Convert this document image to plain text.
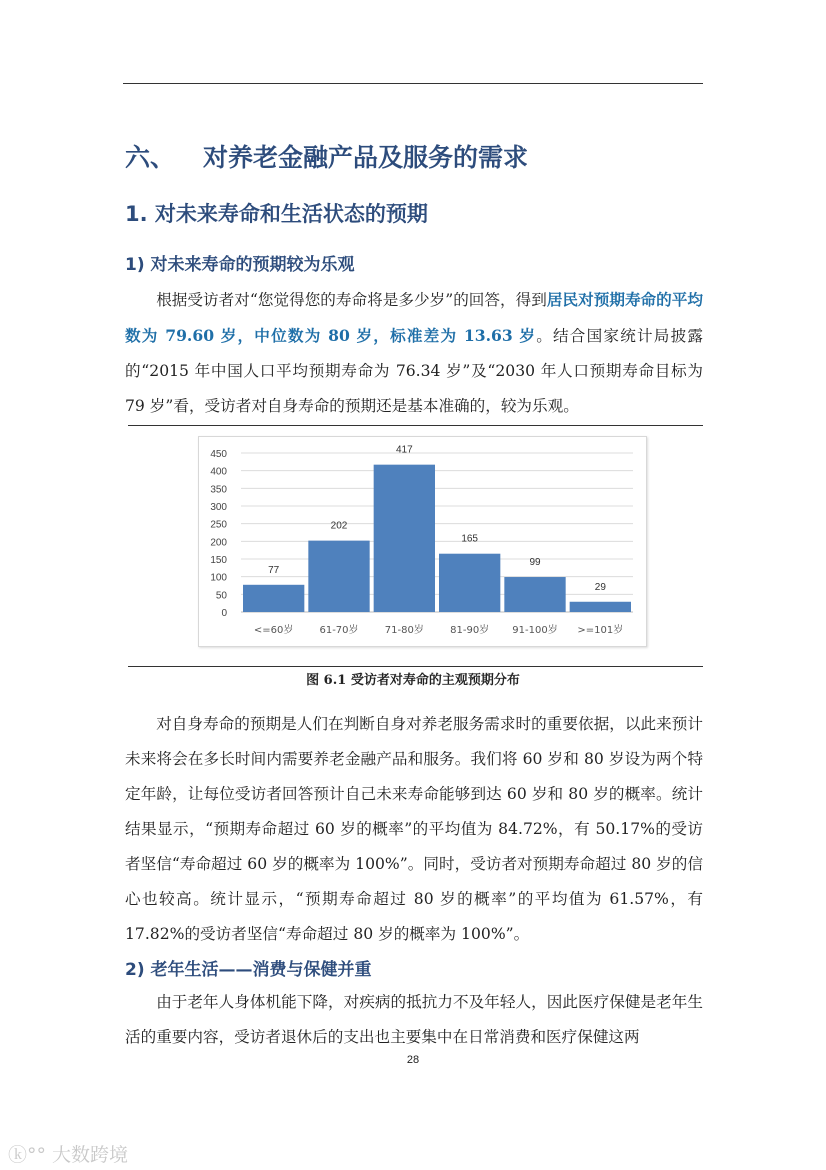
六、 对养老金融产品及服务的需求
1. 对未来寿命和生活状态的预期
1) 对未来寿命的预期较为乐观
根据受访者对“您觉得您的寿命将是多少岁”的回答，得到居民对预期寿命的平均数为 79.60 岁，中位数为 80 岁，标准差为 13.63 岁。结合国家统计局披露的“2015 年中国人口平均预期寿命为 76.34 岁”及“2030 年人口预期寿命目标为 79 岁”看，受访者对自身寿命的预期还是基本准确的，较为乐观。
0
50
100
150
200
250
300
350
400
450
77
<=60岁
202
61-70岁
417
71-80岁
165
81-90岁
99
91-100岁
29
>=101岁
图 6.1 受访者对寿命的主观预期分布
对自身寿命的预期是人们在判断自身对养老服务需求时的重要依据，以此来预计未来将会在多长时间内需要养老金融产品和服务。我们将 60 岁和 80 岁设为两个特定年龄，让每位受访者回答预计自己未来寿命能够到达 60 岁和 80 岁的概率。统计结果显示，“预期寿命超过 60 岁的概率”的平均值为 84.72%，有 50.17%的受访者坚信“寿命超过 60 岁的概率为 100%”。同时，受访者对预期寿命超过 80 岁的信心也较高。统计显示，“预期寿命超过 80 岁的概率”的平均值为 61.57%，有 17.82%的受访者坚信“寿命超过 80 岁的概率为 100%”。
2) 老年生活——消费与保健并重
由于老年人身体机能下降，对疾病的抵抗力不及年轻人，因此医疗保健是老年生活的重要内容，受访者退休后的支出也主要集中在日常消费和医疗保健这两
28
ⓚ°° 大数跨境
